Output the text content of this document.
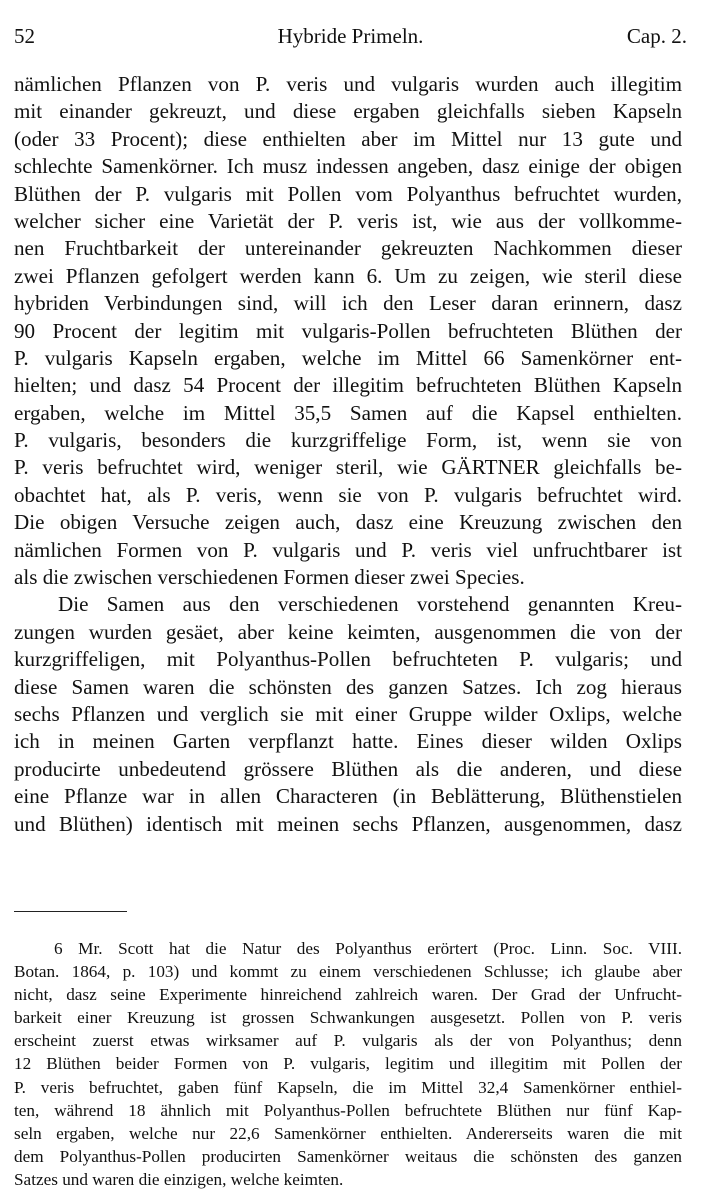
52	Hybride Primeln.	Cap. 2.
nämlichen Pflanzen von P. veris und vulgaris wurden auch illegitim
mit einander gekreuzt, und diese ergaben gleichfalls sieben Kapseln
(oder 33 Procent); diese enthielten aber im Mittel nur 13 gute und
schlechte Samenkörner. Ich musz indessen angeben, dasz einige der obigen
Blüthen der P. vulgaris mit Pollen vom Polyanthus befruchtet wurden,
welcher sicher eine Varietät der P. veris ist, wie aus der vollkomme-
nen Fruchtbarkeit der untereinander gekreuzten Nachkommen dieser
zwei Pflanzen gefolgert werden kann 6. Um zu zeigen, wie steril diese
hybriden Verbindungen sind, will ich den Leser daran erinnern, dasz
90 Procent der legitim mit vulgaris-Pollen befruchteten Blüthen der
P. vulgaris Kapseln ergaben, welche im Mittel 66 Samenkörner ent-
hielten; und dasz 54 Procent der illegitim befruchteten Blüthen Kapseln
ergaben, welche im Mittel 35,5 Samen auf die Kapsel enthielten.
P. vulgaris, besonders die kurzgriffelige Form, ist, wenn sie von
P. veris befruchtet wird, weniger steril, wie GÄRTNER gleichfalls be-
obachtet hat, als P. veris, wenn sie von P. vulgaris befruchtet wird.
Die obigen Versuche zeigen auch, dasz eine Kreuzung zwischen den
nämlichen Formen von P. vulgaris und P. veris viel unfruchtbarer ist
als die zwischen verschiedenen Formen dieser zwei Species.
Die Samen aus den verschiedenen vorstehend genannten Kreu-
zungen wurden gesäet, aber keine keimten, ausgenommen die von der
kurzgriffeligen, mit Polyanthus-Pollen befruchteten P. vulgaris; und
diese Samen waren die schönsten des ganzen Satzes. Ich zog hieraus
sechs Pflanzen und verglich sie mit einer Gruppe wilder Oxlips, welche
ich in meinen Garten verpflanzt hatte. Eines dieser wilden Oxlips
producirte unbedeutend grössere Blüthen als die anderen, und diese
eine Pflanze war in allen Characteren (in Beblätterung, Blüthenstielen
und Blüthen) identisch mit meinen sechs Pflanzen, ausgenommen, dasz
6 Mr. Scott hat die Natur des Polyanthus erörtert (Proc. Linn. Soc. VIII.
Botan. 1864, p. 103) und kommt zu einem verschiedenen Schlusse; ich glaube aber
nicht, dasz seine Experimente hinreichend zahlreich waren. Der Grad der Unfrucht-
barkeit einer Kreuzung ist grossen Schwankungen ausgesetzt. Pollen von P. veris
erscheint zuerst etwas wirksamer auf P. vulgaris als der von Polyanthus; denn
12 Blüthen beider Formen von P. vulgaris, legitim und illegitim mit Pollen der
P. veris befruchtet, gaben fünf Kapseln, die im Mittel 32,4 Samenkörner enthiel-
ten, während 18 ähnlich mit Polyanthus-Pollen befruchtete Blüthen nur fünf Kap-
seln ergaben, welche nur 22,6 Samenkörner enthielten. Andererseits waren die mit
dem Polyanthus-Pollen producirten Samenkörner weitaus die schönsten des ganzen
Satzes und waren die einzigen, welche keimten.
